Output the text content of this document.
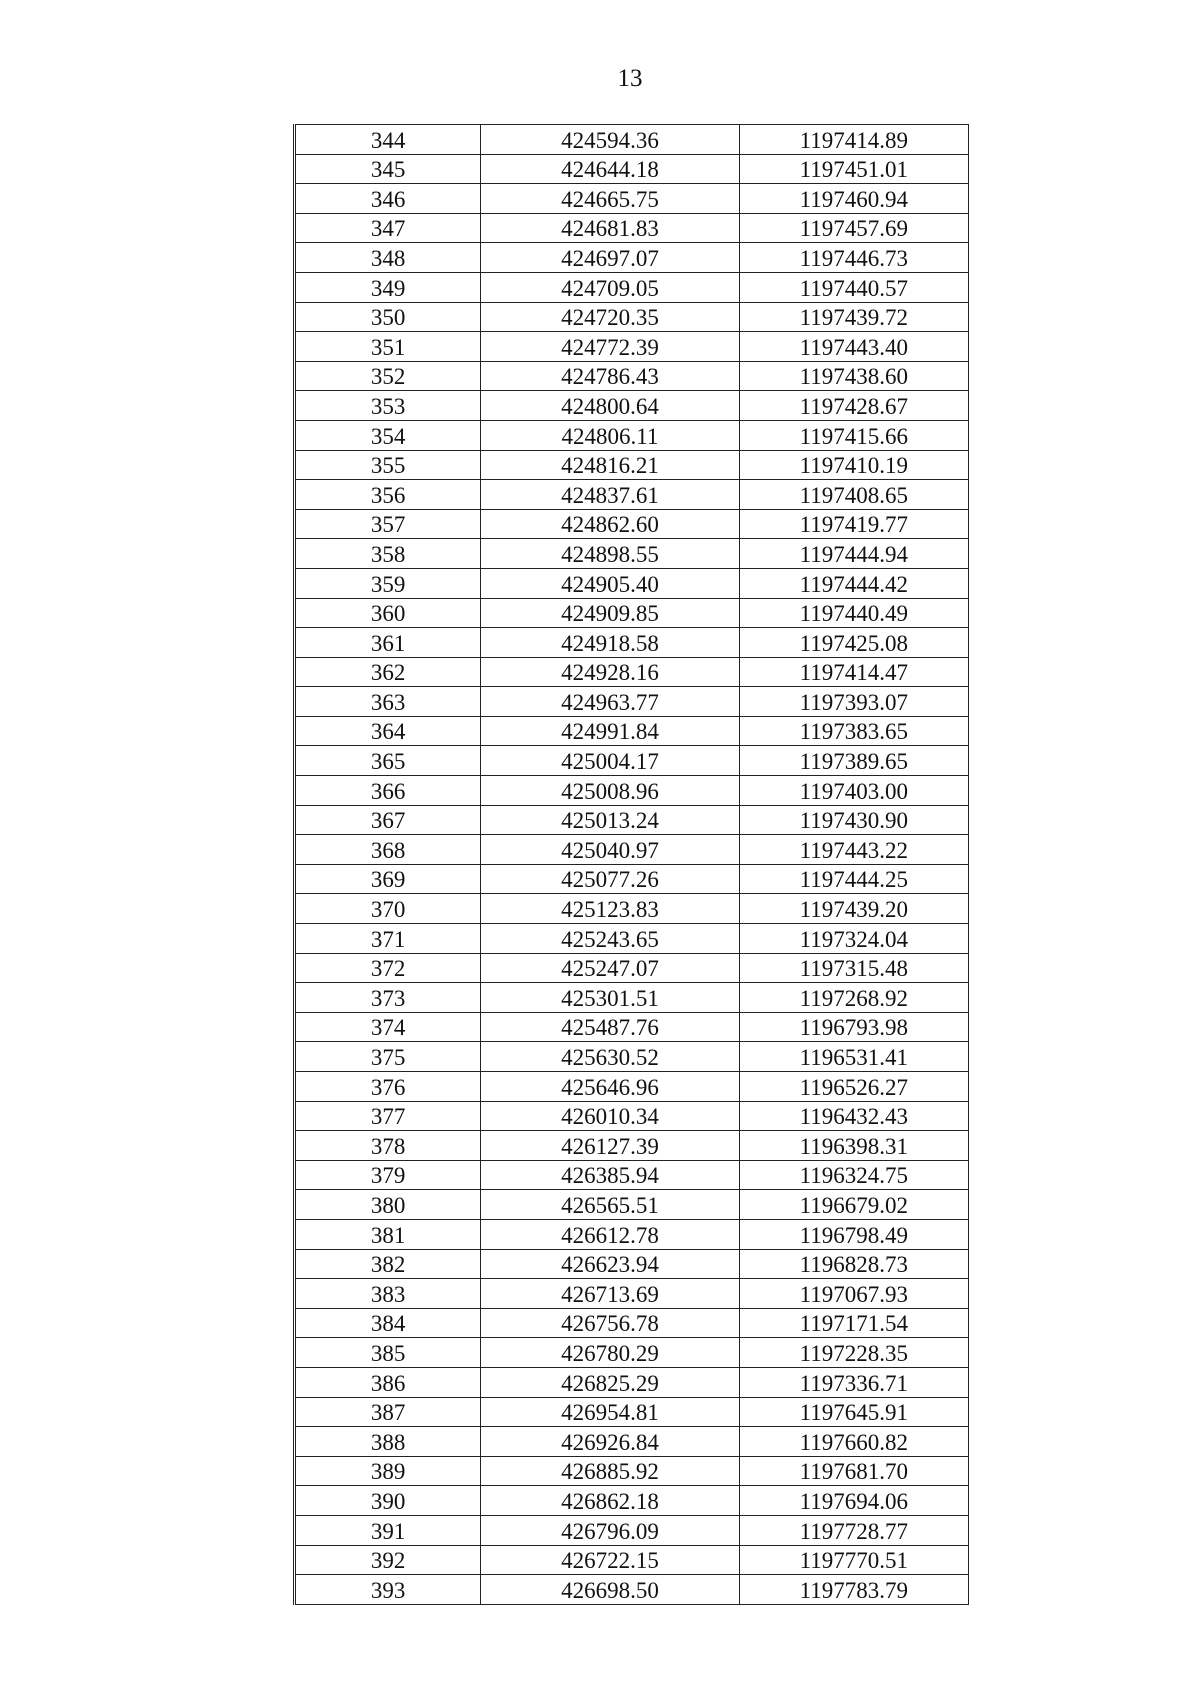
13
344	424594.36	1197414.89
345	424644.18	1197451.01
346	424665.75	1197460.94
347	424681.83	1197457.69
348	424697.07	1197446.73
349	424709.05	1197440.57
350	424720.35	1197439.72
351	424772.39	1197443.40
352	424786.43	1197438.60
353	424800.64	1197428.67
354	424806.11	1197415.66
355	424816.21	1197410.19
356	424837.61	1197408.65
357	424862.60	1197419.77
358	424898.55	1197444.94
359	424905.40	1197444.42
360	424909.85	1197440.49
361	424918.58	1197425.08
362	424928.16	1197414.47
363	424963.77	1197393.07
364	424991.84	1197383.65
365	425004.17	1197389.65
366	425008.96	1197403.00
367	425013.24	1197430.90
368	425040.97	1197443.22
369	425077.26	1197444.25
370	425123.83	1197439.20
371	425243.65	1197324.04
372	425247.07	1197315.48
373	425301.51	1197268.92
374	425487.76	1196793.98
375	425630.52	1196531.41
376	425646.96	1196526.27
377	426010.34	1196432.43
378	426127.39	1196398.31
379	426385.94	1196324.75
380	426565.51	1196679.02
381	426612.78	1196798.49
382	426623.94	1196828.73
383	426713.69	1197067.93
384	426756.78	1197171.54
385	426780.29	1197228.35
386	426825.29	1197336.71
387	426954.81	1197645.91
388	426926.84	1197660.82
389	426885.92	1197681.70
390	426862.18	1197694.06
391	426796.09	1197728.77
392	426722.15	1197770.51
393	426698.50	1197783.79
